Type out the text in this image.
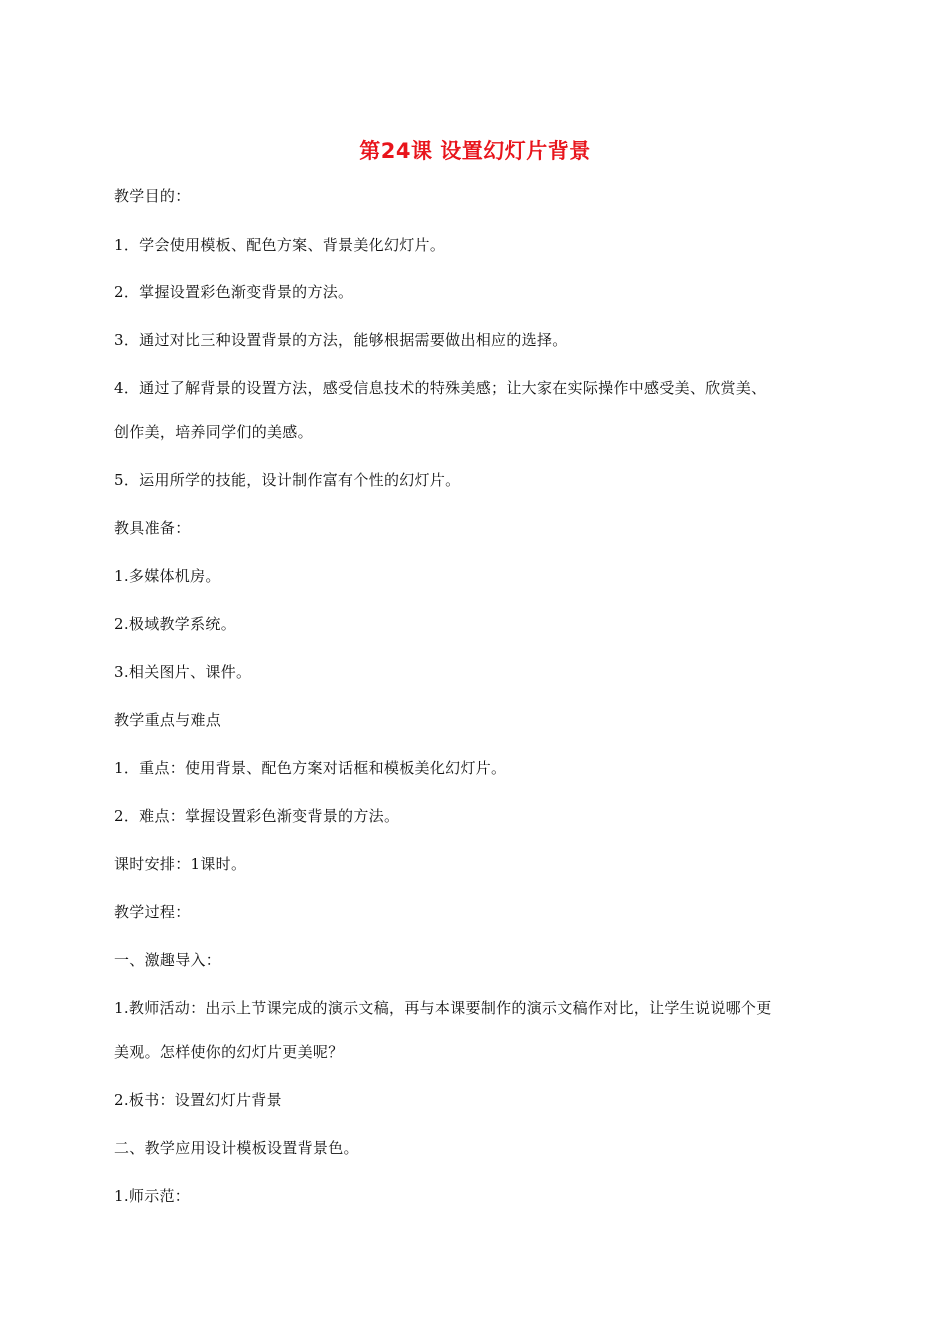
第24课 设置幻灯片背景
教学目的：
1．学会使用模板、配色方案、背景美化幻灯片。
2．掌握设置彩色渐变背景的方法。
3．通过对比三种设置背景的方法，能够根据需要做出相应的选择。
4．通过了解背景的设置方法，感受信息技术的特殊美感；让大家在实际操作中感受美、欣赏美、
创作美，培养同学们的美感。
5．运用所学的技能，设计制作富有个性的幻灯片。
教具准备：
1.多媒体机房。
2.极域教学系统。
3.相关图片、课件。
教学重点与难点
1．重点：使用背景、配色方案对话框和模板美化幻灯片。
2．难点：掌握设置彩色渐变背景的方法。
课时安排：1课时。
教学过程：
一、激趣导入：
1.教师活动：出示上节课完成的演示文稿，再与本课要制作的演示文稿作对比，让学生说说哪个更
美观。怎样使你的幻灯片更美呢？
2.板书：设置幻灯片背景
二、教学应用设计模板设置背景色。
1.师示范：
